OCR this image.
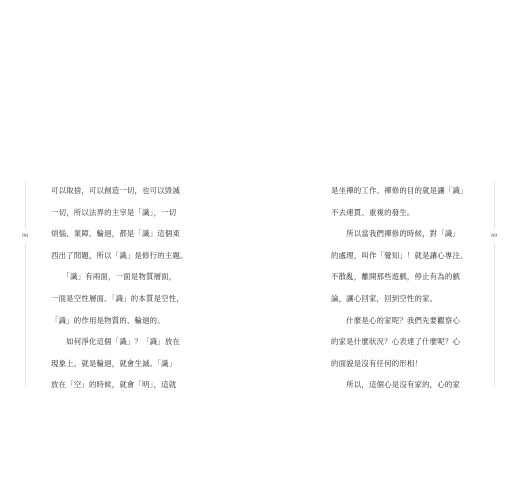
98	99
可以取捨，可以創造一切，也可以毀滅
一切，所以法界的主宰是「識」，一切
煩惱、業障、輪迴，都是「識」這個東
西出了問題，所以「識」是修行的主題。
　　「識」有兩面，一面是物質層面，
一面是空性層面。「識」的本質是空性，
「識」的作用是物質的、輪迴的。
　　如何淨化這個「識」？「識」放在
現象上，就是輪迴，就會生滅。「識」
放在「空」的時候，就會「明」，這就
是坐禪的工作。禪修的目的就是讓「識」
不去連貫、重複的發生。
　　所以當我們禪修的時候，對「識」
的處理，叫作「覺知」！就是讓心專注、
不散亂，離開那些遊戲，停止有為的戲
論，讓心回家，回到空性的家。
　　什麼是心的家呢？我們先要觀察心
的家是什麼狀況？心表達了什麼呢？心
的面貌是沒有任何的形相！
　　所以，這個心是沒有家的，心的家
